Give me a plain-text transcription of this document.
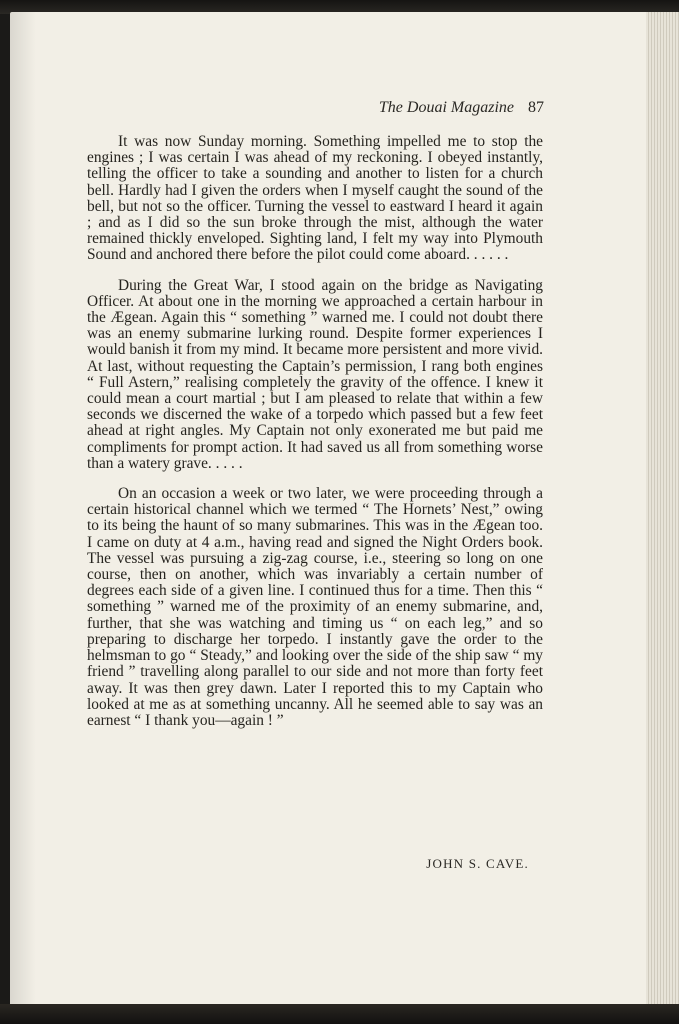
The Douai Magazine 87

It was now Sunday morning. Something impelled me to stop the engines ; I was certain I was ahead of my reckoning. I obeyed instantly, telling the officer to take a sounding and another to listen for a church bell. Hardly had I given the orders when I myself caught the sound of the bell, but not so the officer. Turning the vessel to eastward I heard it again ; and as I did so the sun broke through the mist, although the water remained thickly enveloped. Sighting land, I felt my way into Plymouth Sound and anchored there before the pilot could come aboard. . . . . .

During the Great War, I stood again on the bridge as Navigating Officer. At about one in the morning we approached a certain harbour in the Ægean. Again this “ something ” warned me. I could not doubt there was an enemy submarine lurking round. Despite former experiences I would banish it from my mind. It became more persistent and more vivid. At last, without requesting the Captain’s permission, I rang both engines “ Full Astern,” realising completely the gravity of the offence. I knew it could mean a court martial ; but I am pleased to relate that within a few seconds we discerned the wake of a torpedo which passed but a few feet ahead at right angles. My Captain not only exonerated me but paid me compliments for prompt action. It had saved us all from something worse than a watery grave. . . . .

On an occasion a week or two later, we were proceeding through a certain historical channel which we termed “ The Hornets’ Nest,” owing to its being the haunt of so many submarines. This was in the Ægean too. I came on duty at 4 a.m., having read and signed the Night Orders book. The vessel was pursuing a zig-zag course, i.e., steering so long on one course, then on another, which was invariably a certain number of degrees each side of a given line. I continued thus for a time. Then this “ something ” warned me of the proximity of an enemy submarine, and, further, that she was watching and timing us “ on each leg,” and so preparing to discharge her torpedo. I instantly gave the order to the helmsman to go “ Steady,” and looking over the side of the ship saw “ my friend ” travelling along parallel to our side and not more than forty feet away. It was then grey dawn. Later I reported this to my Captain who looked at me as at something uncanny. All he seemed able to say was an earnest “ I thank you—again ! ”

JOHN S. CAVE.
